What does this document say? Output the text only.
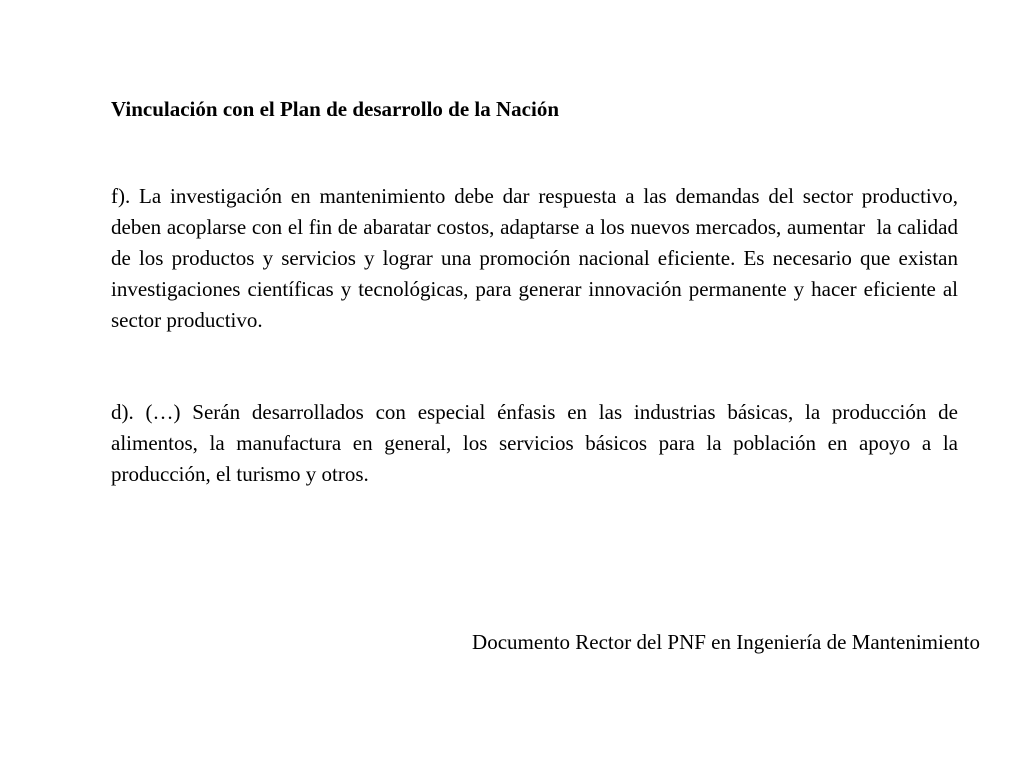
Vinculación con el Plan de desarrollo de la Nación

f). La investigación en mantenimiento debe dar respuesta a las demandas del sector productivo, deben acoplarse con el fin de abaratar costos, adaptarse a los nuevos mercados, aumentar  la calidad de los productos y servicios y lograr una promoción nacional eficiente. Es necesario que existan investigaciones científicas y tecnológicas, para generar innovación permanente y hacer eficiente al sector productivo.

d). (…) Serán desarrollados con especial énfasis en las industrias básicas, la producción de alimentos, la manufactura en general, los servicios básicos para la población en apoyo a la producción, el turismo y otros.

Documento Rector del PNF en Ingeniería de Mantenimiento
